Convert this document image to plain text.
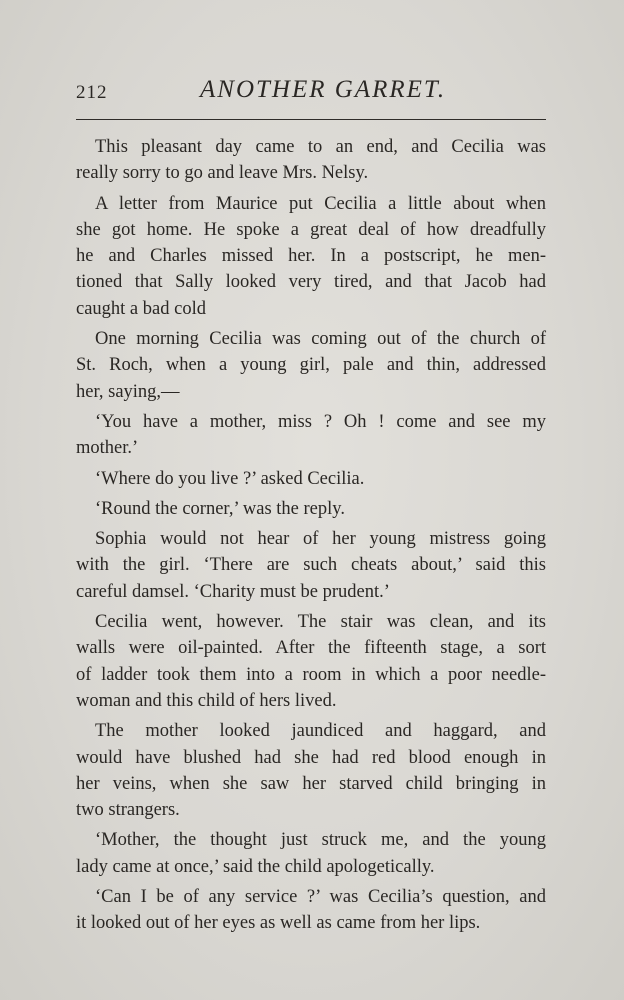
212	ANOTHER GARRET.
This pleasant day came to an end, and Cecilia was
really sorry to go and leave Mrs. Nelsy.
A letter from Maurice put Cecilia a little about when
she got home. He spoke a great deal of how dreadfully
he and Charles missed her. In a postscript, he men-
tioned that Sally looked very tired, and that Jacob had
caught a bad cold
One morning Cecilia was coming out of the church of
St. Roch, when a young girl, pale and thin, addressed
her, saying,—
‘You have a mother, miss ? Oh ! come and see my
mother.’
‘Where do you live ?’ asked Cecilia.
‘Round the corner,’ was the reply.
Sophia would not hear of her young mistress going
with the girl. ‘There are such cheats about,’ said this
careful damsel. ‘Charity must be prudent.’
Cecilia went, however. The stair was clean, and its
walls were oil-painted. After the fifteenth stage, a sort
of ladder took them into a room in which a poor needle-
woman and this child of hers lived.
The mother looked jaundiced and haggard, and
would have blushed had she had red blood enough in
her veins, when she saw her starved child bringing in
two strangers.
‘Mother, the thought just struck me, and the young
lady came at once,’ said the child apologetically.
‘Can I be of any service ?’ was Cecilia’s question, and
it looked out of her eyes as well as came from her lips.
